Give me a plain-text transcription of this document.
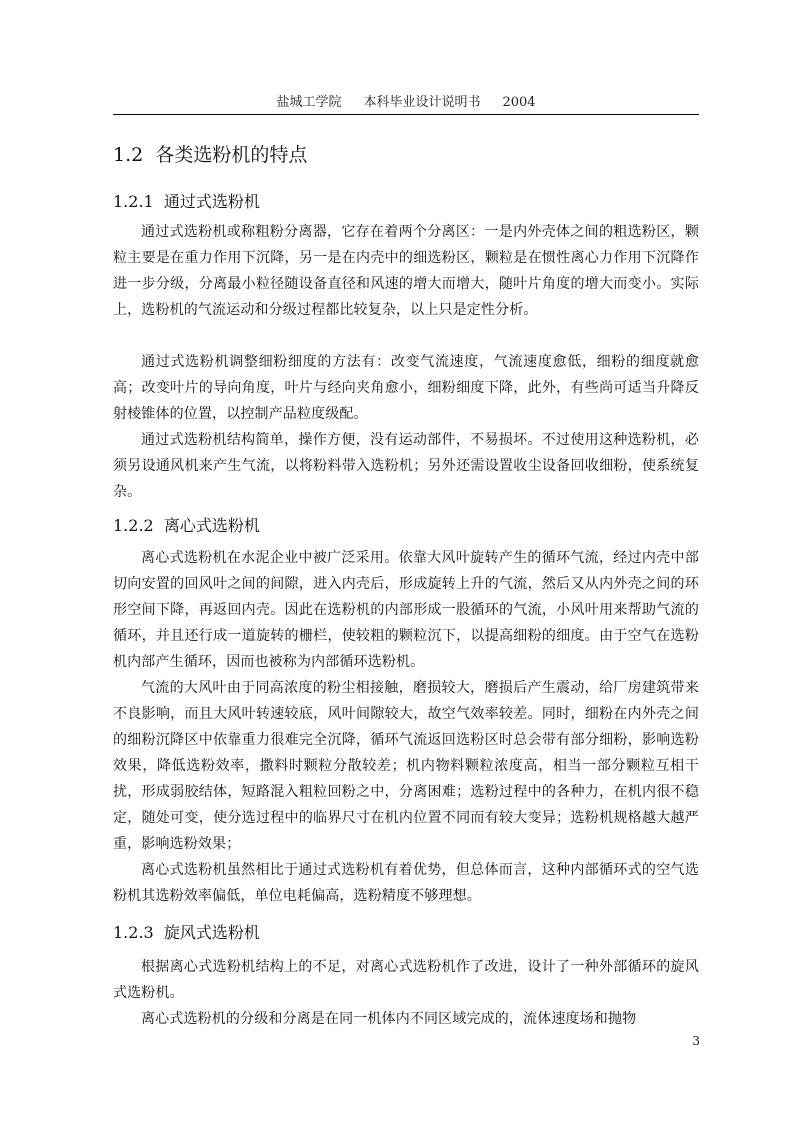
盐城工学院 本科毕业设计说明书 2004
1.2 各类选粉机的特点
1.2.1 通过式选粉机

通过式选粉机或称粗粉分离器，它存在着两个分离区：一是内外壳体之间的粗选粉区，颗粒主要是在重力作用下沉降，另一是在内壳中的细选粉区，颗粒是在惯性离心力作用下沉降作进一步分级，分离最小粒径随设备直径和风速的增大而增大，随叶片角度的增大而变小。实际上，选粉机的气流运动和分级过程都比较复杂，以上只是定性分析。

通过式选粉机调整细粉细度的方法有：改变气流速度，气流速度愈低，细粉的细度就愈高；改变叶片的导向角度，叶片与经向夹角愈小，细粉细度下降，此外，有些尚可适当升降反射棱锥体的位置，以控制产品粒度级配。

通过式选粉机结构简单，操作方便，没有运动部件，不易损坏。不过使用这种选粉机，必须另设通风机来产生气流，以将粉料带入选粉机；另外还需设置收尘设备回收细粉，使系统复杂。

1.2.2 离心式选粉机

离心式选粉机在水泥企业中被广泛采用。依靠大风叶旋转产生的循环气流，经过内壳中部切向安置的回风叶之间的间隙，进入内壳后，形成旋转上升的气流，然后又从内外壳之间的环形空间下降，再返回内壳。因此在选粉机的内部形成一股循环的气流，小风叶用来帮助气流的循环，并且还行成一道旋转的栅栏，使较粗的颗粒沉下，以提高细粉的细度。由于空气在选粉机内部产生循环，因而也被称为内部循环选粉机。

气流的大风叶由于同高浓度的粉尘相接触，磨损较大，磨损后产生震动，给厂房建筑带来不良影响，而且大风叶转速较底，风叶间隙较大，故空气效率较差。同时，细粉在内外壳之间的细粉沉降区中依靠重力很难完全沉降，循环气流返回选粉区时总会带有部分细粉，影响选粉效果，降低选粉效率，撒料时颗粒分散较差；机内物料颗粒浓度高，相当一部分颗粒互相干扰，形成弱胶结体，短路混入粗粒回粉之中，分离困难；选粉过程中的各种力，在机内很不稳定，随处可变，使分选过程中的临界尺寸在机内位置不同而有较大变异；选粉机规格越大越严重，影响选粉效果；

离心式选粉机虽然相比于通过式选粉机有着优势，但总体而言，这种内部循环式的空气选粉机其选粉效率偏低，单位电耗偏高，选粉精度不够理想。

1.2.3 旋风式选粉机

根据离心式选粉机结构上的不足，对离心式选粉机作了改进，设计了一种外部循环的旋风式选粉机。

离心式选粉机的分级和分离是在同一机体内不同区域完成的，流体速度场和抛物

3
